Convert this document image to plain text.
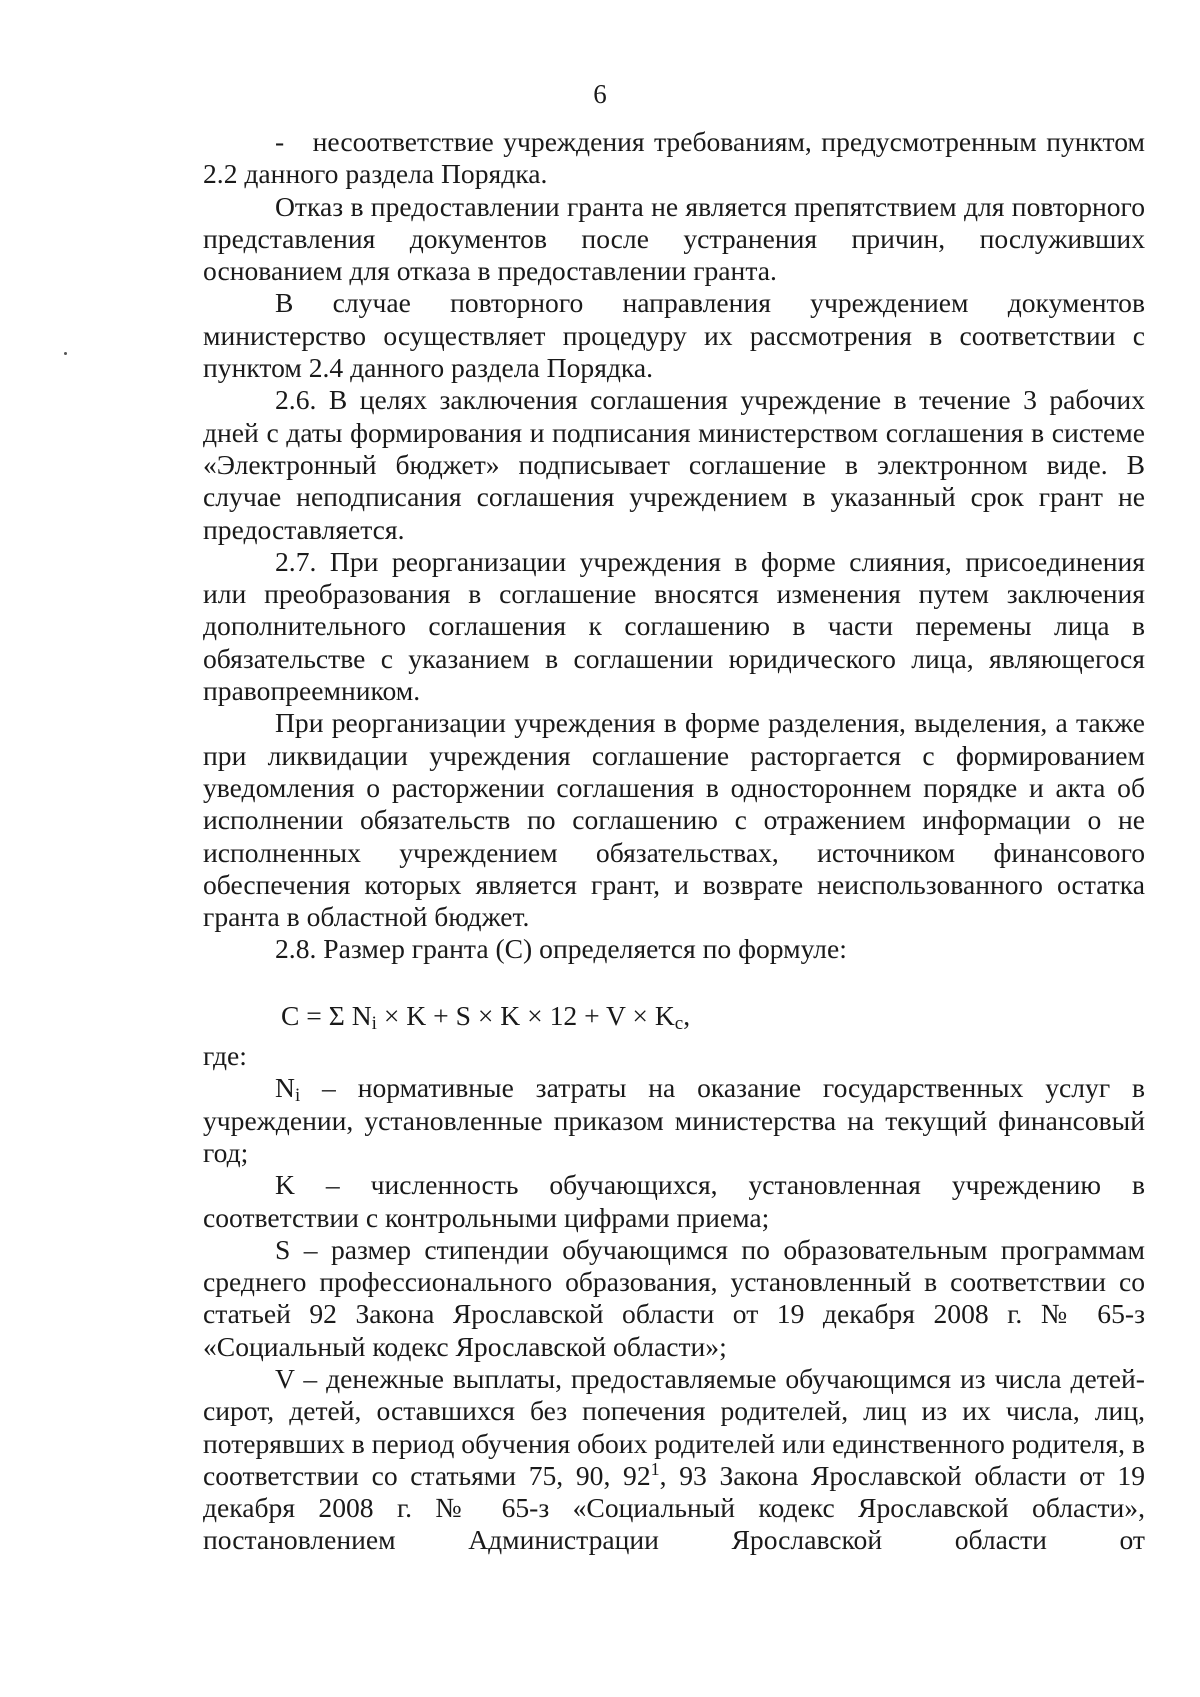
6

-   несоответствие учреждения требованиям, предусмотренным пунктом 2.2 данного раздела Порядка.

Отказ в предоставлении гранта не является препятствием для повторного представления документов после устранения причин, послуживших основанием для отказа в предоставлении гранта.

В случае повторного направления учреждением документов министерство осуществляет процедуру их рассмотрения в соответствии с пунктом 2.4 данного раздела Порядка.

2.6. В целях заключения соглашения учреждение в течение 3 рабочих дней с даты формирования и подписания министерством соглашения в системе «Электронный бюджет» подписывает соглашение в электронном виде. В случае неподписания соглашения учреждением в указанный срок грант не предоставляется.

2.7. При реорганизации учреждения в форме слияния, присоединения или преобразования в соглашение вносятся изменения путем заключения дополнительного соглашения к соглашению в части перемены лица в обязательстве с указанием в соглашении юридического лица, являющегося правопреемником.

При реорганизации учреждения в форме разделения, выделения, а также при ликвидации учреждения соглашение расторгается с формированием уведомления о расторжении соглашения в одностороннем порядке и акта об исполнении обязательств по соглашению с отражением информации о не исполненных учреждением обязательствах, источником финансового обеспечения которых является грант, и возврате неиспользованного остатка гранта в областной бюджет.

2.8. Размер гранта (С) определяется по формуле:

C = Σ $N_i \times K + S \times K \times 12 + V \times K_c$,

где:

Ni – нормативные затраты на оказание государственных услуг в учреждении, установленные приказом министерства на текущий финансовый год;

K – численность обучающихся, установленная учреждению в соответствии с контрольными цифрами приема;

S – размер стипендии обучающимся по образовательным программам среднего профессионального образования, установленный в соответствии со статьей 92 Закона Ярославской области от 19 декабря 2008 г. № 65-з «Социальный кодекс Ярославской области»;

V – денежные выплаты, предоставляемые обучающимся из числа детей-сирот, детей, оставшихся без попечения родителей, лиц из их числа, лиц, потерявших в период обучения обоих родителей или единственного родителя, в соответствии со статьями 75, 90, $92^1$, 93 Закона Ярославской области от 19 декабря 2008 г. № 65-з «Социальный кодекс Ярославской области», постановлением Администрации Ярославской области от
